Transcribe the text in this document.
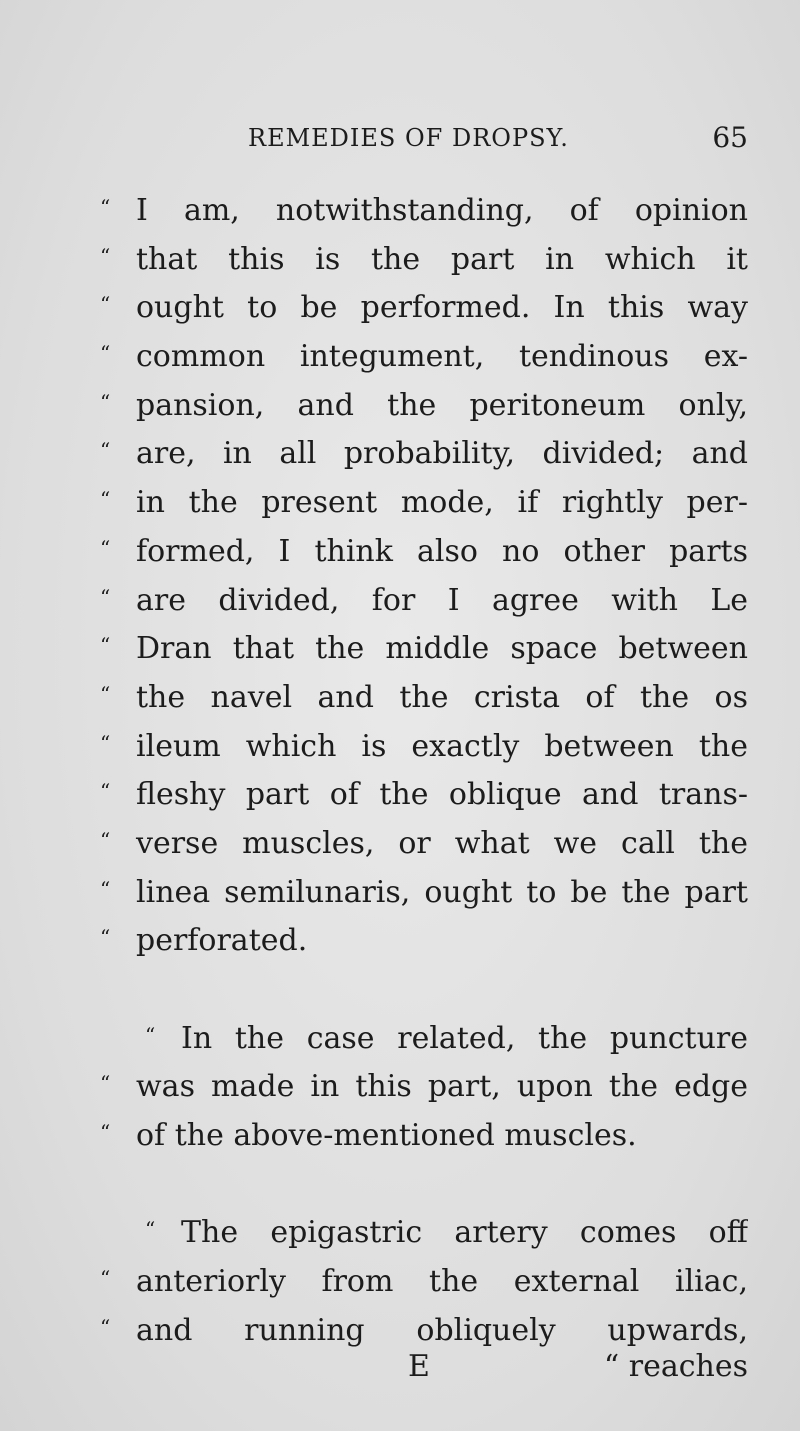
REMEDIES OF DROPSY.	65
“ I am, notwithstanding, of opinion
“ that this is the part in which it
“ ought to be performed. In this way
“ common integument, tendinous ex-
“ pansion, and the peritoneum only,
“ are, in all probability, divided; and
“ in the present mode, if rightly per-
“ formed, I think also no other parts
“ are divided, for I agree with Le
“ Dran that the middle space between
“ the navel and the crista of the os
“ ileum which is exactly between the
“ fleshy part of the oblique and trans-
“ verse muscles, or what we call the
“ linea semilunaris, ought to be the part
“ perforated.
“ In the case related, the puncture
“ was made in this part, upon the edge
“ of the above-mentioned muscles.
“ The epigastric artery comes off
“ anteriorly from the external iliac,
“ and running obliquely upwards,
E	“ reaches
